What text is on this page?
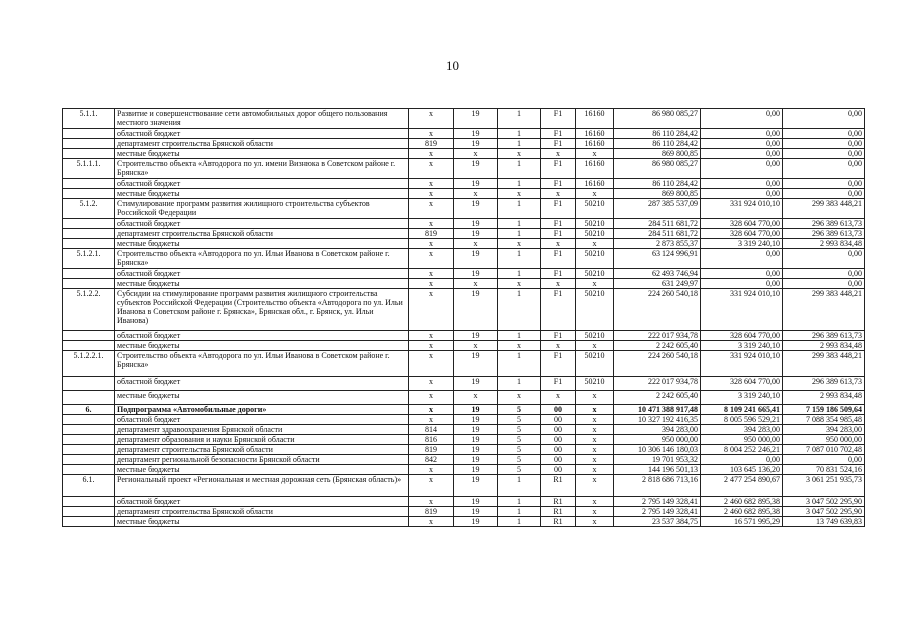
10
5.1.1.	Развитие и совершенствование сети автомобильных дорог общего пользования местного значения	x	19	1	F1	16160	86 980 085,27	0,00	0,00
	областной бюджет	x	19	1	F1	16160	86 110 284,42	0,00	0,00
	департамент строительства Брянской области	819	19	1	F1	16160	86 110 284,42	0,00	0,00
	местные бюджеты	x	x	x	x	x	869 800,85	0,00	0,00
5.1.1.1.	Строительство объекта «Автодорога по ул. имени Визнюка в Советском районе г. Брянска»	x	19	1	F1	16160	86 980 085,27	0,00	0,00
	областной бюджет	x	19	1	F1	16160	86 110 284,42	0,00	0,00
	местные бюджеты	x	x	x	x	x	869 800,85	0,00	0,00
5.1.2.	Стимулирование программ развития жилищного строительства субъектов Российской Федерации	x	19	1	F1	50210	287 385 537,09	331 924 010,10	299 383 448,21
	областной бюджет	x	19	1	F1	50210	284 511 681,72	328 604 770,00	296 389 613,73
	департамент строительства Брянской области	819	19	1	F1	50210	284 511 681,72	328 604 770,00	296 389 613,73
	местные бюджеты	x	x	x	x	x	2 873 855,37	3 319 240,10	2 993 834,48
5.1.2.1.	Строительство объекта «Автодорога по ул. Ильи Иванова в Советском районе г. Брянска»	x	19	1	F1	50210	63 124 996,91	0,00	0,00
	областной бюджет	x	19	1	F1	50210	62 493 746,94	0,00	0,00
	местные бюджеты	x	x	x	x	x	631 249,97	0,00	0,00
5.1.2.2.	Субсидии на стимулирование программ развития жилищного строительства субъектов Российской Федерации (Строительство объекта «Автодорога по ул. Ильи Иванова в Советском районе г. Брянска», Брянская обл., г. Брянск, ул. Ильи Иванова)	x	19	1	F1	50210	224 260 540,18	331 924 010,10	299 383 448,21
	областной бюджет	x	19	1	F1	50210	222 017 934,78	328 604 770,00	296 389 613,73
	местные бюджеты	x	x	x	x	x	2 242 605,40	3 319 240,10	2 993 834,48
5.1.2.2.1.	Строительство объекта «Автодорога по ул. Ильи Иванова в Советском районе г. Брянска»	x	19	1	F1	50210	224 260 540,18	331 924 010,10	299 383 448,21
	областной бюджет	x	19	1	F1	50210	222 017 934,78	328 604 770,00	296 389 613,73
	местные бюджеты	x	x	x	x	x	2 242 605,40	3 319 240,10	2 993 834,48
6.	Подпрограмма «Автомобильные дороги»	x	19	5	00	x	10 471 388 917,48	8 109 241 665,41	7 159 186 509,64
	областной бюджет	x	19	5	00	x	10 327 192 416,35	8 005 596 529,21	7 088 354 985,48
	департамент здравоохранения Брянской области	814	19	5	00	x	394 283,00	394 283,00	394 283,00
	департамент образования и науки Брянской области	816	19	5	00	x	950 000,00	950 000,00	950 000,00
	департамент строительства Брянской области	819	19	5	00	x	10 306 146 180,03	8 004 252 246,21	7 087 010 702,48
	департамент региональной безопасности Брянской области	842	19	5	00	x	19 701 953,32	0,00	0,00
	местные бюджеты	x	19	5	00	x	144 196 501,13	103 645 136,20	70 831 524,16
6.1.	Региональный проект «Региональная и местная дорожная сеть (Брянская область)»	x	19	1	R1	x	2 818 686 713,16	2 477 254 890,67	3 061 251 935,73
	областной бюджет	x	19	1	R1	x	2 795 149 328,41	2 460 682 895,38	3 047 502 295,90
	департамент строительства Брянской области	819	19	1	R1	x	2 795 149 328,41	2 460 682 895,38	3 047 502 295,90
	местные бюджеты	x	19	1	R1	x	23 537 384,75	16 571 995,29	13 749 639,83
